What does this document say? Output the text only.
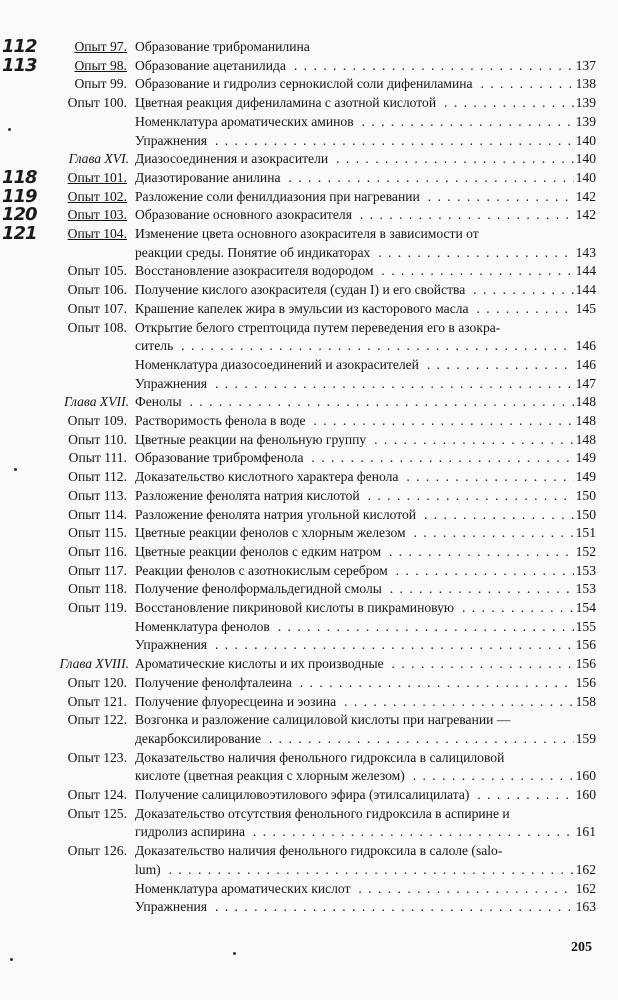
112	Опыт 97. Образование триброманилина
113	Опыт 98. Образование ацетанилида . . .	137
Опыт 99. Образование и гидролиз сернокислой соли дифениламина . . .	138
Опыт 100. Цветная реакция дифениламина с азотной кислотой . . .	139
Номенклатура ароматических аминов . . .	139
Упражнения . . .	140
Глава XVI. Диазосоединения и азокрасители . . .	140
118	Опыт 101. Диазотирование анилина . . .	140
119	Опыт 102. Разложение соли фенилдиазония при нагревании . . .	142
120	Опыт 103. Образование основного азокрасителя . . .	142
121	Опыт 104. Изменение цвета основного азокрасителя в зависимости от
реакции среды. Понятие об индикаторах . . .	143
Опыт 105. Восстановление азокрасителя водородом . . .	144
Опыт 106. Получение кислого азокрасителя (судан I) и его свойства . . .	144
Опыт 107. Крашение капелек жира в эмульсии из касторового масла . . .	145
Опыт 108. Открытие белого стрептоцида путем переведения его в азокра-
ситель . . .	146
Номенклатура диазосоединений и азокрасителей . . .	146
Упражнения . . .	147
Глава XVII. Фенолы . . .	148
Опыт 109. Растворимость фенола в воде . . .	148
Опыт 110. Цветные реакции на фенольную группу . . .	148
Опыт 111. Образование трибромфенола . . .	149
Опыт 112. Доказательство кислотного характера фенола . . .	149
Опыт 113. Разложение фенолята натрия кислотой . . .	150
Опыт 114. Разложение фенолята натрия угольной кислотой . . .	150
Опыт 115. Цветные реакции фенолов с хлорным железом . . .	151
Опыт 116. Цветные реакции фенолов с едким натром . . .	152
Опыт 117. Реакции фенолов с азотнокислым серебром . . .	153
Опыт 118. Получение фенолформальдегидной смолы . . .	153
Опыт 119. Восстановление пикриновой кислоты в пикраминовую . . .	154
Номенклатура фенолов . . .	155
Упражнения . . .	156
Глава XVIII. Ароматические кислоты и их производные . . .	156
Опыт 120. Получение фенолфталеина . . .	156
Опыт 121. Получение флуоресцеина и эозина . . .	158
Опыт 122. Возгонка и разложение салициловой кислоты при нагревании —
декарбоксилирование . . .	159
Опыт 123. Доказательство наличия фенольного гидроксила в салициловой
кислоте (цветная реакция с хлорным железом) . . .	160
Опыт 124. Получение салициловоэтилового эфира (этилсалицилата) . . .	160
Опыт 125. Доказательство отсутствия фенольного гидроксила в аспирине и
гидролиз аспирина . . .	161
Опыт 126. Доказательство наличия фенольного гидроксила в салоле (salo-
lum) . . .	162
Номенклатура ароматических кислот . . .	162
Упражнения . . .	163
205
